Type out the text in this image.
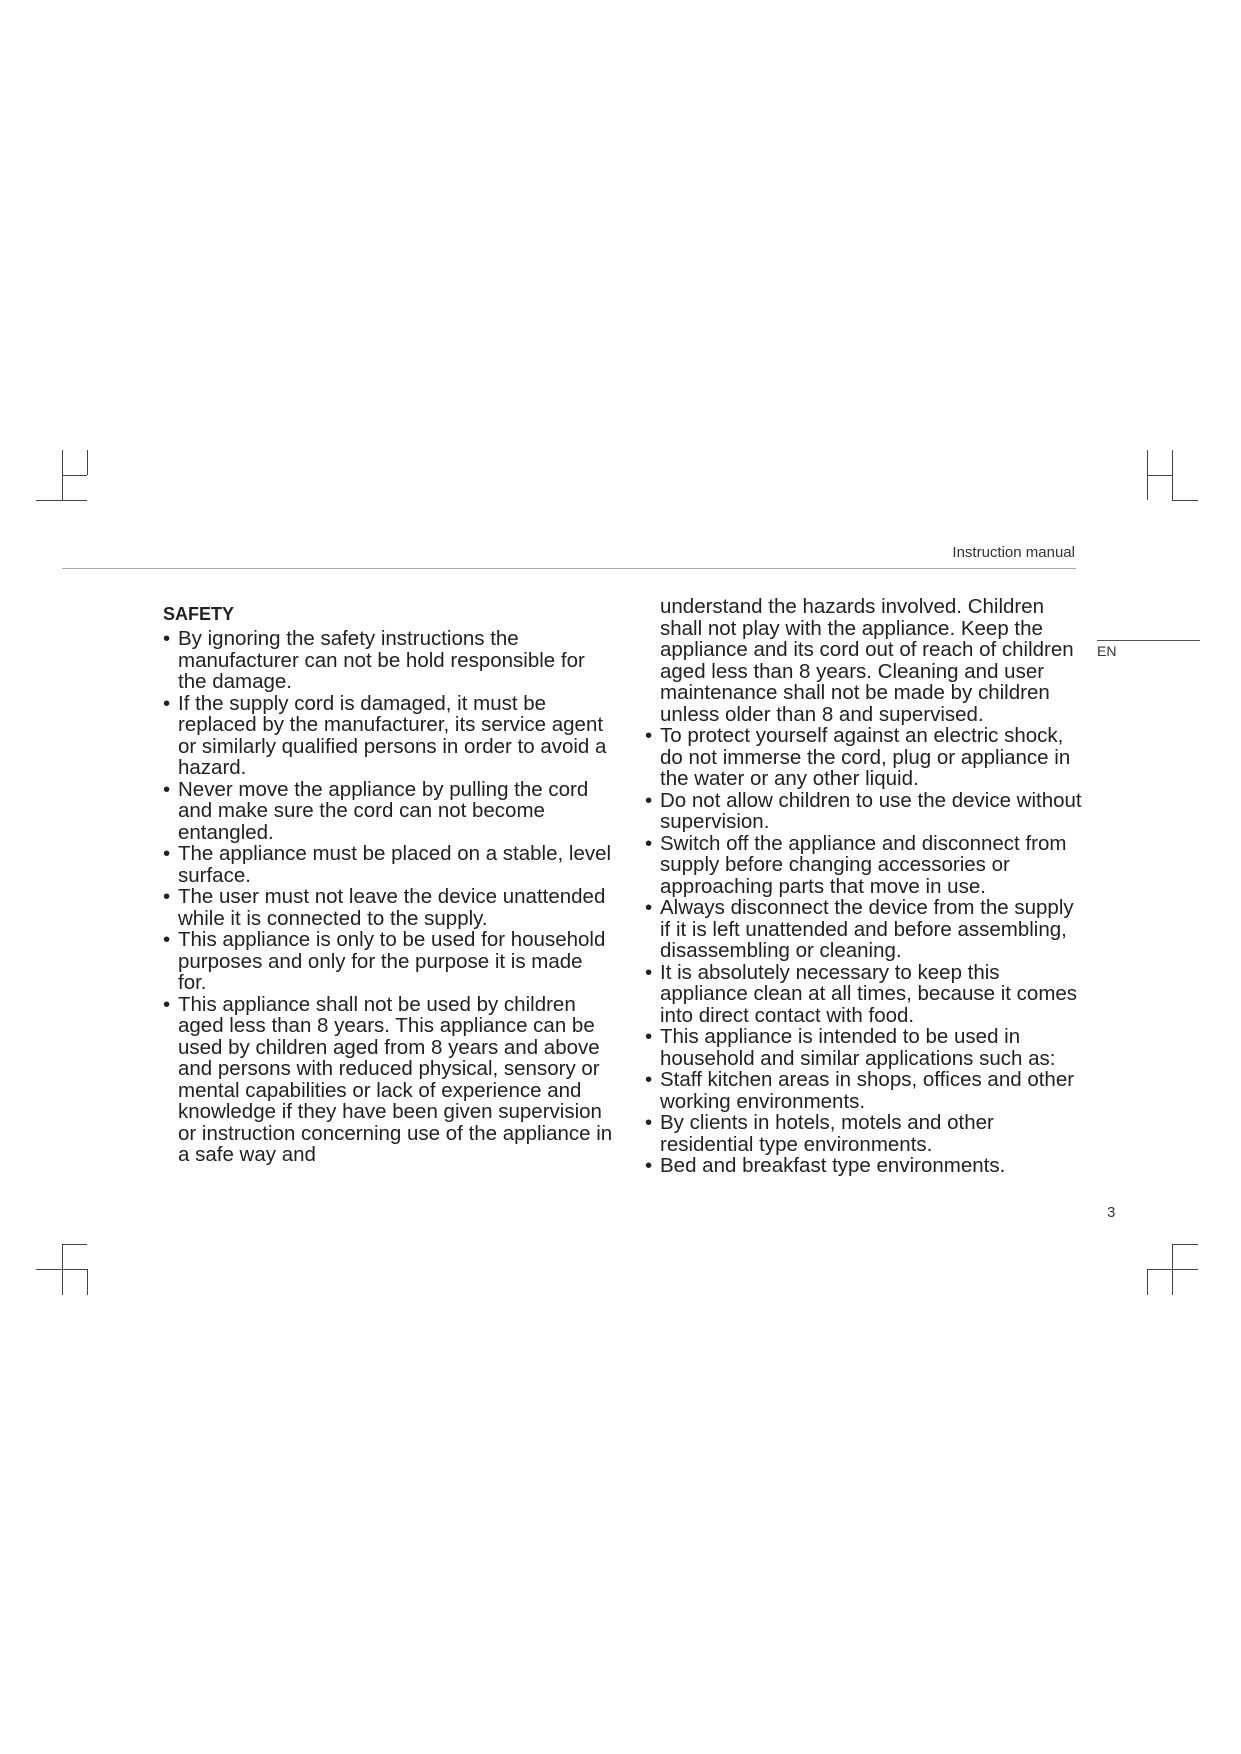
Instruction manual
EN
SAFETY
• By ignoring the safety instructions the manufacturer can not be hold responsible for the damage.
• If the supply cord is damaged, it must be replaced by the manufacturer, its service agent or similarly qualified persons in order to avoid a hazard.
• Never move the appliance by pulling the cord and make sure the cord can not become entangled.
• The appliance must be placed on a stable, level surface.
• The user must not leave the device unattended while it is connected to the supply.
• This appliance is only to be used for household purposes and only for the purpose it is made for.
• This appliance shall not be used by children aged less than 8 years. This appliance can be used by children aged from 8 years and above and persons with reduced physical, sensory or mental capabilities or lack of experience and knowledge if they have been given supervision or instruction concerning use of the appliance in a safe way and
understand the hazards involved. Children shall not play with the appliance. Keep the appliance and its cord out of reach of children aged less than 8 years. Cleaning and user maintenance shall not be made by children unless older than 8 and supervised.
• To protect yourself against an electric shock, do not immerse the cord, plug or appliance in the water or any other liquid.
• Do not allow children to use the device without supervision.
• Switch off the appliance and disconnect from supply before changing accessories or approaching parts that move in use.
• Always disconnect the device from the supply if it is left unattended and before assembling, disassembling or cleaning.
• It is absolutely necessary to keep this appliance clean at all times, because it comes into direct contact with food.
• This appliance is intended to be used in household and similar applications such as:
• Staff kitchen areas in shops, offices and other working environments.
• By clients in hotels, motels and other residential type environments.
• Bed and breakfast type environments.
3
